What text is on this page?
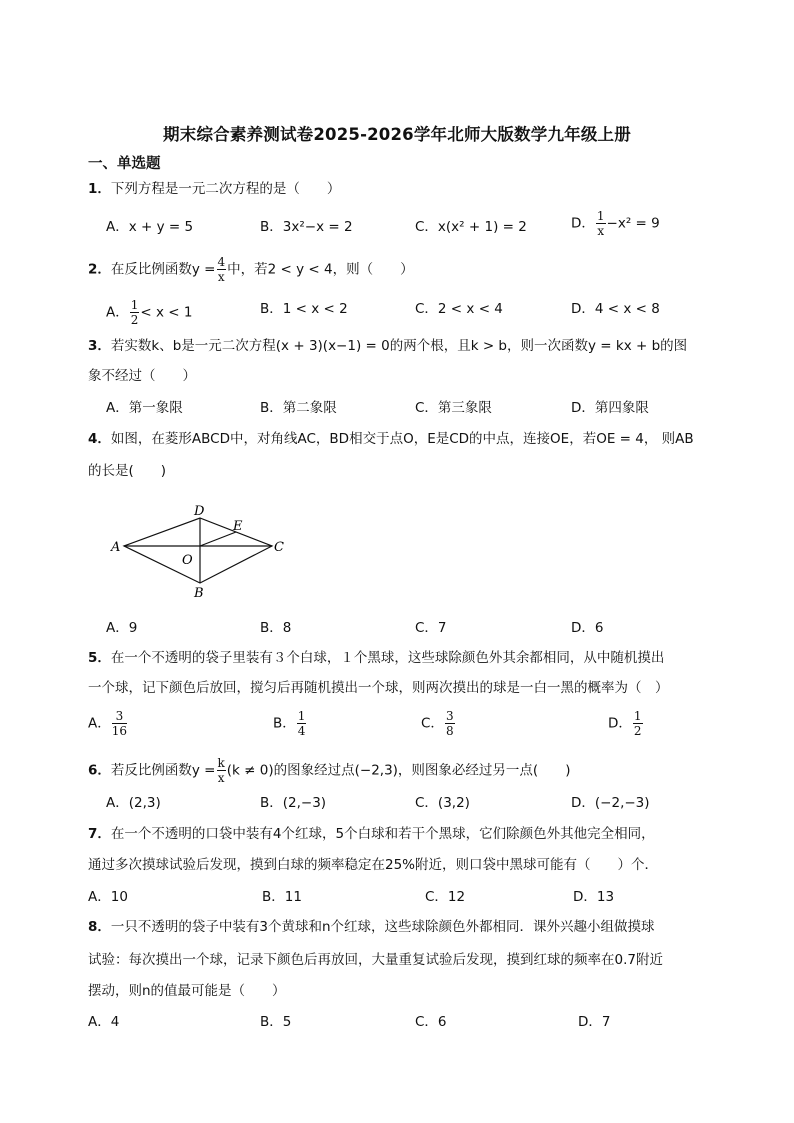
期末综合素养测试卷2025-2026学年北师大版数学九年级上册
一、单选题
1．下列方程是一元二次方程的是（　　）
A．x + y = 5	B．3x²−x = 2	C．x(x² + 1) = 2	D． $\frac{1}{x} -x^2 = 9$
2．在反比例函数$y = \frac{4}{x}$ 中，若2 < y < 4，则（　　）
A． $\frac{1}{2} < x < 1$	B．1 < x < 2	C．2 < x < 4	D．4 < x < 8
3．若实数k、b是一元二次方程(x + 3)(x−1) = 0的两个根，且k > b，则一次函数y = kx + b的图
象不经过（　　）
A．第一象限	B．第二象限	C．第三象限	D．第四象限
4．如图，在菱形ABCD中，对角线AC，BD相交于点O，E是CD的中点，连接OE，若OE = 4， 则AB
的长是(　　)
A
D
E
C
O
B
A．9	B．8	C．7	D．6
5．在一个不透明的袋子里装有３个白球，１个黑球，这些球除颜色外其余都相同，从中随机摸出
一个球，记下颜色后放回，搅匀后再随机摸出一个球，则两次摸出的球是一白一黑的概率为（　）
A． $\frac{3}{16}$	B． $\frac{1}{4}$	C． $\frac{3}{8}$	D． $\frac{1}{2}$
6．若反比例函数$y = \frac{k}{x} (k \ne 0)$的图象经过点(−2,3)，则图象必经过另一点(　　)
A．(2,3)	B．(2,−3)	C．(3,2)	D．(−2,−3)
7．在一个不透明的口袋中装有4个红球，5个白球和若干个黑球，它们除颜色外其他完全相同，
通过多次摸球试验后发现，摸到白球的频率稳定在25%附近，则口袋中黑球可能有（　　）个．
A．10	B．11	C．12	D．13
8．一只不透明的袋子中装有3个黄球和n个红球，这些球除颜色外都相同．课外兴趣小组做摸球
试验：每次摸出一个球，记录下颜色后再放回，大量重复试验后发现，摸到红球的频率在0.7附近
摆动，则n的值最可能是（　　）
A．4	B．5	C．6	D．7
